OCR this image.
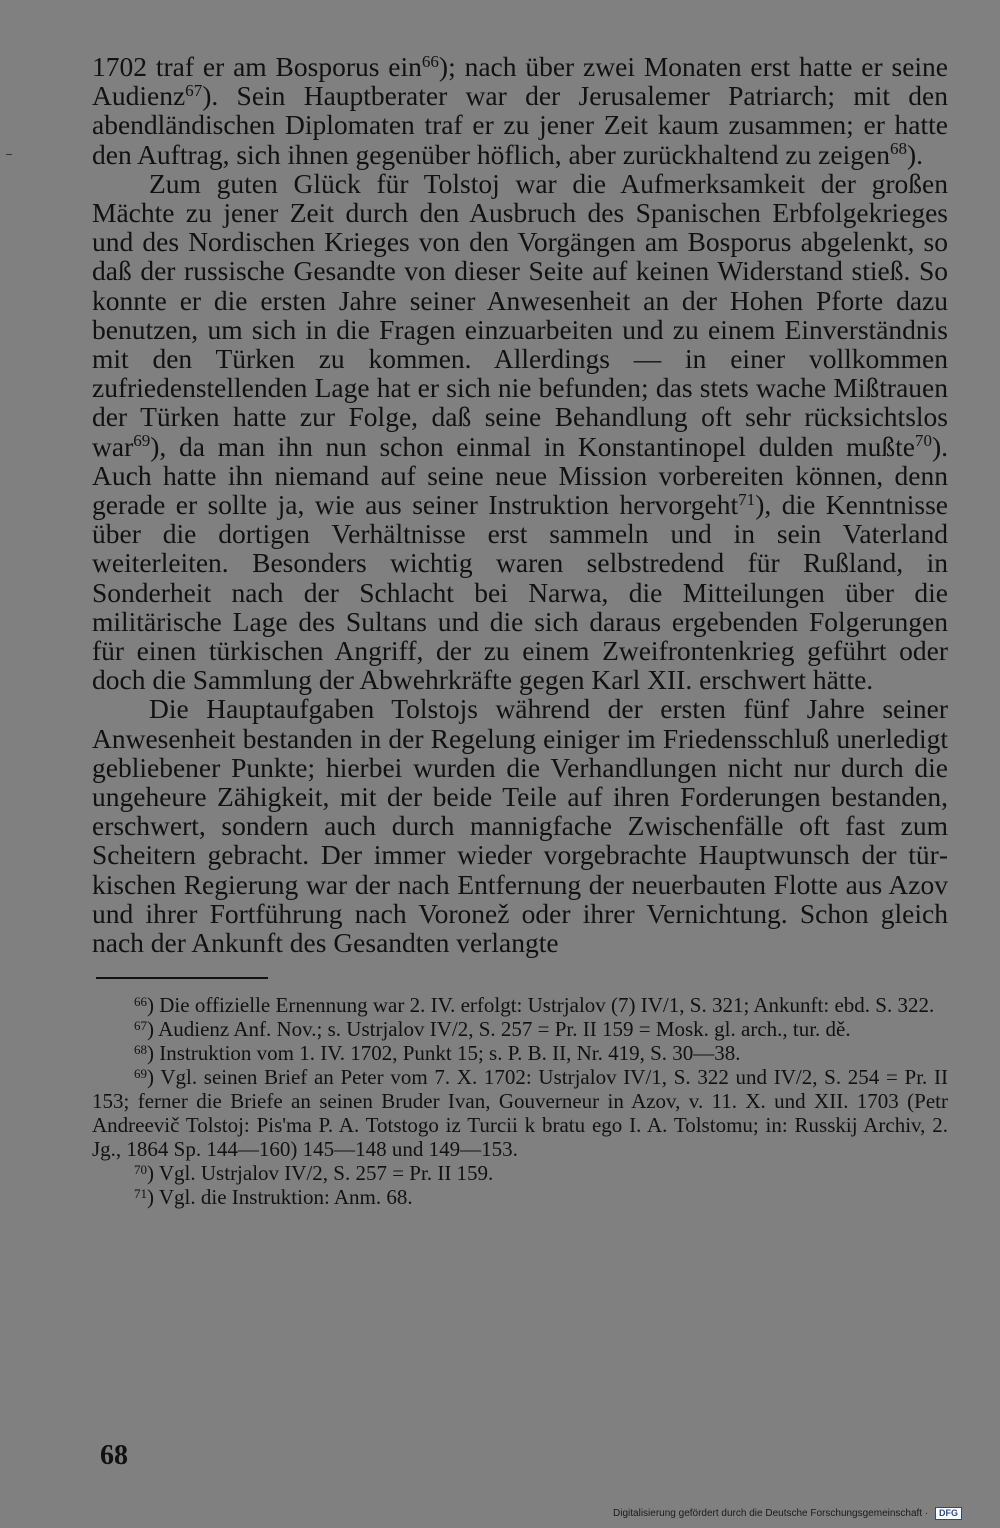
1702 traf er am Bosporus ein$^{66}$); nach über zwei Monaten erst hatte er seine Audienz$^{67}$). Sein Hauptberater war der Jerusalemer Patriarch; mit den abendländischen Diplomaten traf er zu jener Zeit kaum zusammen; er hatte den Auftrag, sich ihnen gegenüber höflich, aber zurückhaltend zu zeigen$^{68}$).

Zum guten Glück für Tolstoj war die Aufmerksamkeit der großen Mächte zu jener Zeit durch den Ausbruch des Spanischen Erbfolgekrieges und des Nordischen Krieges von den Vorgängen am Bosporus abgelenkt, so daß der russische Gesandte von dieser Seite auf keinen Widerstand stieß. So konnte er die ersten Jahre seiner Anwesenheit an der Hohen Pforte dazu benutzen, um sich in die Fragen einzuarbeiten und zu einem Einverständnis mit den Türken zu kommen. Allerdings — in einer vollkommen zufriedenstellenden Lage hat er sich nie befunden; das stets wache Mißtrauen der Türken hatte zur Folge, daß seine Behandlung oft sehr rücksichtslos war$^{69}$), da man ihn nun schon einmal in Konstantinopel dulden mußte$^{70}$). Auch hatte ihn niemand auf seine neue Mission vorbereiten können, denn gerade er sollte ja, wie aus seiner Instruktion hervorgeht$^{71}$), die Kenntnisse über die dortigen Verhältnisse erst sammeln und in sein Vaterland weiterleiten. Besonders wichtig waren selbstredend für Rußland, in Sonderheit nach der Schlacht bei Narwa, die Mitteilungen über die militärische Lage des Sultans und die sich daraus ergebenden Folgerungen für einen türkischen Angriff, der zu einem Zweifrontenkrieg geführt oder doch die Sammlung der Abwehrkräfte gegen Karl XII. erschwert hätte.

Die Hauptaufgaben Tolstojs während der ersten fünf Jahre seiner Anwesenheit bestanden in der Regelung einiger im Friedensschluß unerledigt gebliebener Punkte; hierbei wurden die Verhandlungen nicht nur durch die ungeheure Zähigkeit, mit der beide Teile auf ihren Forderungen bestanden, erschwert, sondern auch durch mannigfache Zwischenfälle oft fast zum Scheitern gebracht. Der immer wieder vorgebrachte Hauptwunsch der türkischen Regierung war der nach Entfernung der neuerbauten Flotte aus Azov und ihrer Fortführung nach Voronež oder ihrer Vernichtung. Schon gleich nach der Ankunft des Gesandten verlangte

$^{66}$) Die offizielle Ernennung war 2. IV. erfolgt: Ustrjalov (7) IV/1, S. 321; Ankunft: ebd. S. 322.
$^{67}$) Audienz Anf. Nov.; s. Ustrjalov IV/2, S. 257 = Pr. II 159 = Mosk. gl. arch., tur. dě.
$^{68}$) Instruktion vom 1. IV. 1702, Punkt 15; s. P. B. II, Nr. 419, S. 30—38.
$^{69}$) Vgl. seinen Brief an Peter vom 7. X. 1702: Ustrjalov IV/1, S. 322 und IV/2, S. 254 = Pr. II 153; ferner die Briefe an seinen Bruder Ivan, Gouverneur in Azov, v. 11. X. und XII. 1703 (Petr Andreevič Tolstoj: Pis'ma P. A. Totstogo iz Turcii k bratu ego I. A. Tolstomu; in: Russkij Archiv, 2. Jg., 1864 Sp. 144—160) 145—148 und 149—153.
$^{70}$) Vgl. Ustrjalov IV/2, S. 257 = Pr. II 159.
$^{71}$) Vgl. die Instruktion: Anm. 68.
68
Digitalisierung gefördert durch die Deutsche Forschungsgemeinschaft · DFG
